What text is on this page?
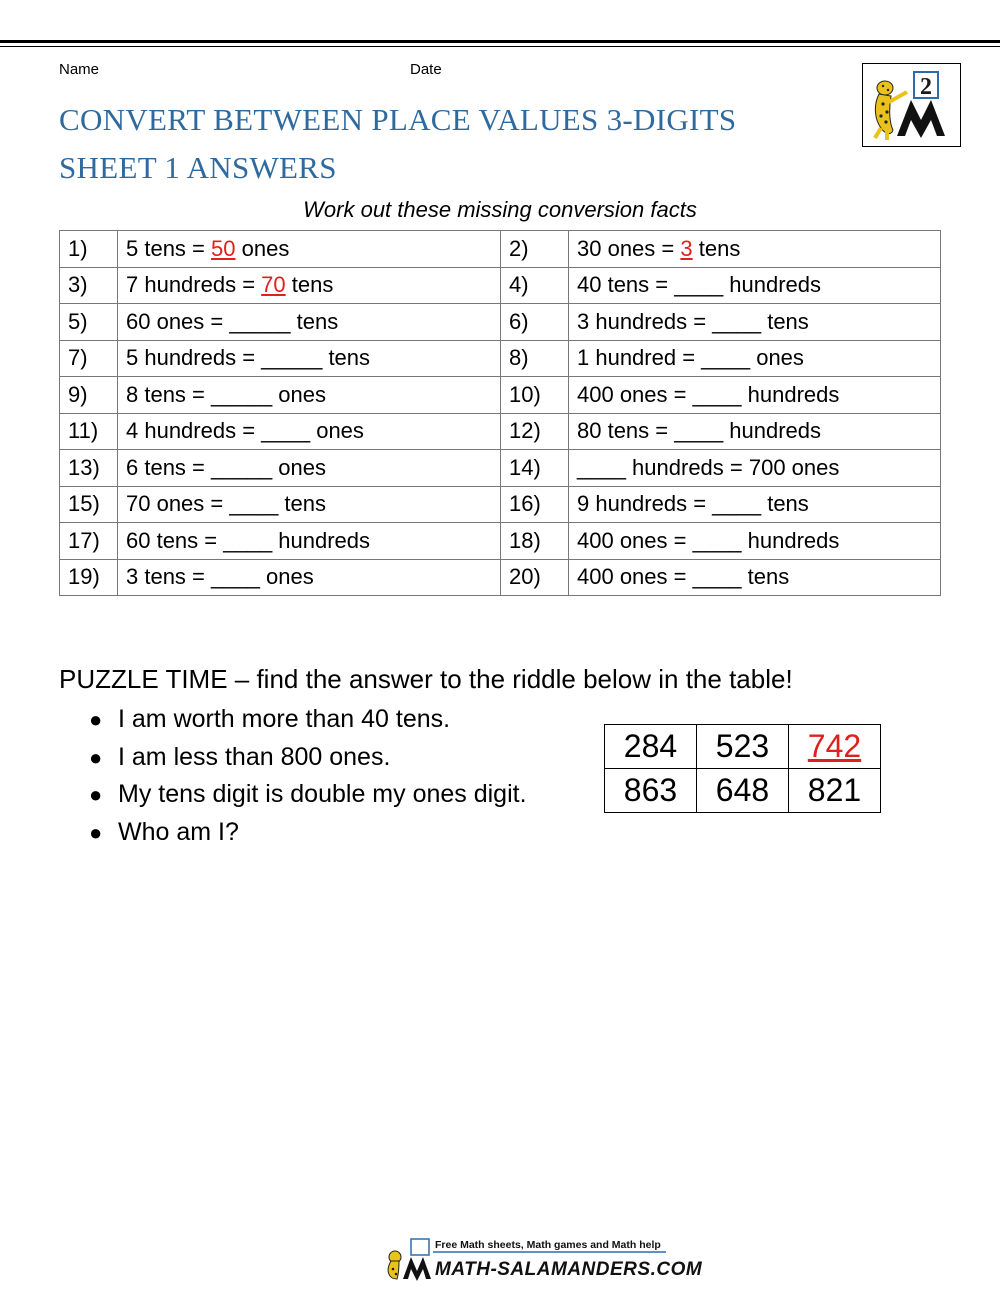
Name	Date
CONVERT BETWEEN PLACE VALUES 3-DIGITS
SHEET 1 ANSWERS
2
Work out these missing conversion facts
1)	5 tens = 50 ones	2)	30 ones = 3 tens
3)	7 hundreds = 70 tens	4)	40 tens = ____ hundreds
5)	60 ones = _____ tens	6)	3 hundreds = ____ tens
7)	5 hundreds = _____ tens	8)	1 hundred = ____ ones
9)	8 tens = _____ ones	10)	400 ones = ____ hundreds
11)	4 hundreds = ____ ones	12)	80 tens = ____ hundreds
13)	6 tens = _____ ones	14)	____ hundreds = 700 ones
15)	70 ones = ____ tens	16)	9 hundreds = ____ tens
17)	60 tens = ____ hundreds	18)	400 ones = ____ hundreds
19)	3 tens = ____ ones	20)	400 ones = ____ tens
PUZZLE TIME – find the answer to the riddle below in the table!
● I am worth more than 40 tens.
● I am less than 800 ones.
● My tens digit is double my ones digit.
● Who am I?
284	523	742
863	648	821
Free Math sheets, Math games and Math help
MATH-SALAMANDERS.COM
